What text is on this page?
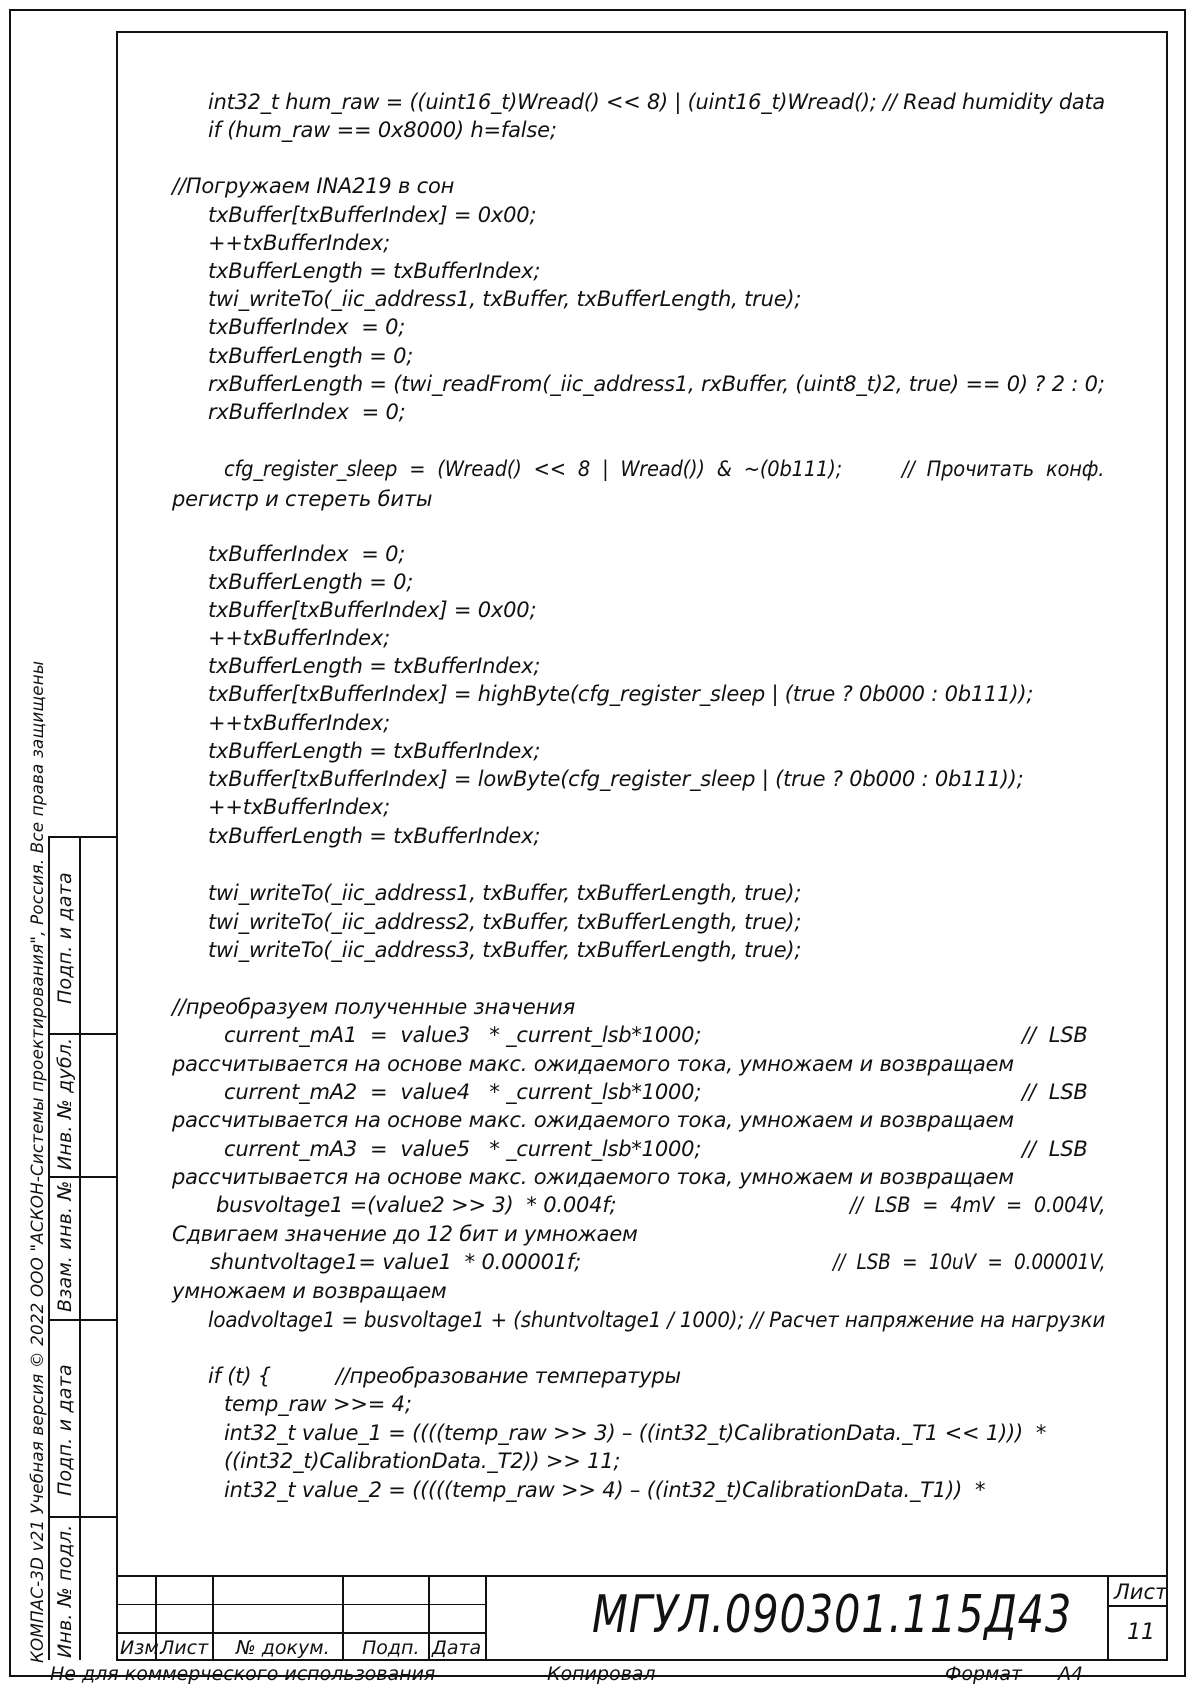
КОМПАС-3D v21 Учебная версия © 2022 ООО "АСКОН-Системы проектирования", Россия. Все права защищены Инв. № подл.
Подп. и дата
Взам. инв. №
Инв. № дубл.
Подп. и дата
int32_t hum_raw = ((uint16_t)Wread() << 8) | (uint16_t)Wread(); // Read humidity data
if (hum_raw == 0x8000) h=false;
//Погружаем INA219 в сон
txBuffer[txBufferIndex] = 0x00;
++txBufferIndex;
txBufferLength = txBufferIndex;
twi_writeTo(_iic_address1, txBuffer, txBufferLength, true);
txBufferIndex  = 0;
txBufferLength = 0;
rxBufferLength = (twi_readFrom(_iic_address1, rxBuffer, (uint8_t)2, true) == 0) ? 2 : 0;
rxBufferIndex  = 0;
cfg_register_sleep  =  (Wread()  <<  8  |  Wread())  &  ~(0b111);          //  Прочитать  конф.
регистр и стереть биты
txBufferIndex  = 0;
txBufferLength = 0;
txBuffer[txBufferIndex] = 0x00;
++txBufferIndex;
txBufferLength = txBufferIndex;
txBuffer[txBufferIndex] = highByte(cfg_register_sleep | (true ? 0b000 : 0b111));
++txBufferIndex;
txBufferLength = txBufferIndex;
txBuffer[txBufferIndex] = lowByte(cfg_register_sleep | (true ? 0b000 : 0b111));
++txBufferIndex;
txBufferLength = txBufferIndex;
twi_writeTo(_iic_address1, txBuffer, txBufferLength, true);
twi_writeTo(_iic_address2, txBuffer, txBufferLength, true);
twi_writeTo(_iic_address3, txBuffer, txBufferLength, true);
//преобразуем полученные значения
current_mA1  =  value3   * _current_lsb*1000;	//  LSB
рассчитывается на основе макс. ожидаемого тока, умножаем и возвращаем
current_mA2  =  value4   * _current_lsb*1000;	//  LSB
рассчитывается на основе макс. ожидаемого тока, умножаем и возвращаем
current_mA3  =  value5   * _current_lsb*1000;	//  LSB
рассчитывается на основе макс. ожидаемого тока, умножаем и возвращаем
busvoltage1 =(value2 >> 3)  * 0.004f;	//  LSB  =  4mV  =  0.004V,
Сдвигаем значение до 12 бит и умножаем
shuntvoltage1= value1  * 0.00001f;	//  LSB  =  10uV  =  0.00001V,
умножаем и возвращаем
loadvoltage1 = busvoltage1 + (shuntvoltage1 / 1000); // Расчет напряжение на нагрузки
if (t) {          //преобразование температуры
temp_raw >>= 4;
int32_t value_1 = ((((temp_raw >> 3) – ((int32_t)CalibrationData._T1 << 1)))  *
((int32_t)CalibrationData._T2)) >> 11;
int32_t value_2 = (((((temp_raw >> 4) – ((int32_t)CalibrationData._T1))  *
Изм.
Лист № докум. Подп. Дата
МГУЛ.090301.115Д43 Лист
11
Не для коммерческого использования	Копировал	Формат А4
